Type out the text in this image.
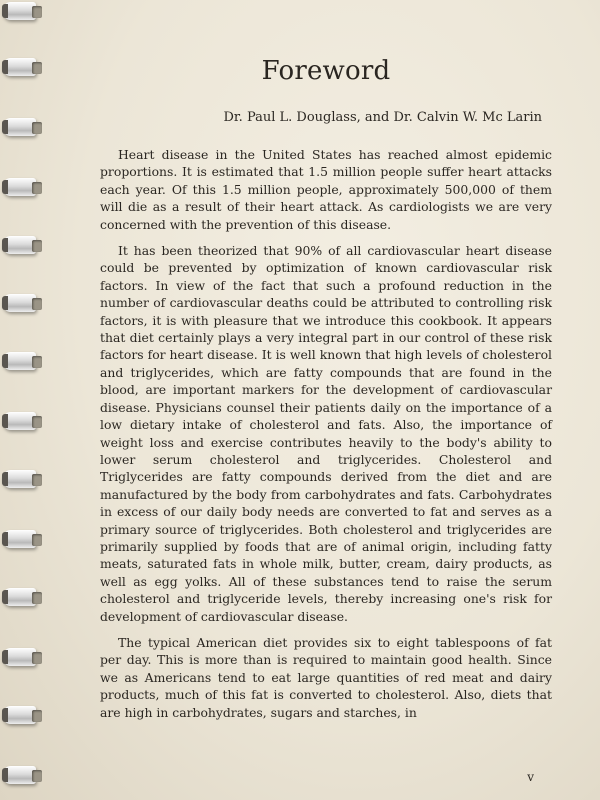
Foreword

Dr. Paul L. Douglass, and Dr. Calvin W. Mc Larin

Heart disease in the United States has reached almost epidemic proportions. It is estimated that 1.5 million people suffer heart attacks each year. Of this 1.5 million people, approximately 500,000 of them will die as a result of their heart attack. As cardiologists we are very concerned with the prevention of this disease.

It has been theorized that 90% of all cardiovascular heart disease could be prevented by optimization of known cardiovascular risk factors. In view of the fact that such a profound reduction in the number of cardiovascular deaths could be attributed to controlling risk factors, it is with pleasure that we introduce this cookbook. It appears that diet certainly plays a very integral part in our control of these risk factors for heart disease. It is well known that high levels of cholesterol and triglycerides, which are fatty compounds that are found in the blood, are important markers for the development of cardiovascular disease. Physicians counsel their patients daily on the importance of a low dietary intake of cholesterol and fats. Also, the importance of weight loss and exercise contributes heavily to the body's ability to lower serum cholesterol and triglycerides. Cholesterol and Triglycerides are fatty compounds derived from the diet and are manufactured by the body from carbohydrates and fats. Carbohydrates in excess of our daily body needs are converted to fat and serves as a primary source of triglycerides. Both cholesterol and triglycerides are primarily supplied by foods that are of animal origin, including fatty meats, saturated fats in whole milk, butter, cream, dairy products, as well as egg yolks. All of these substances tend to raise the serum cholesterol and triglyceride levels, thereby increasing one's risk for development of cardiovascular disease.

The typical American diet provides six to eight tablespoons of fat per day. This is more than is required to maintain good health. Since we as Americans tend to eat large quantities of red meat and dairy products, much of this fat is converted to cholesterol. Also, diets that are high in carbohydrates, sugars and starches, in

v
